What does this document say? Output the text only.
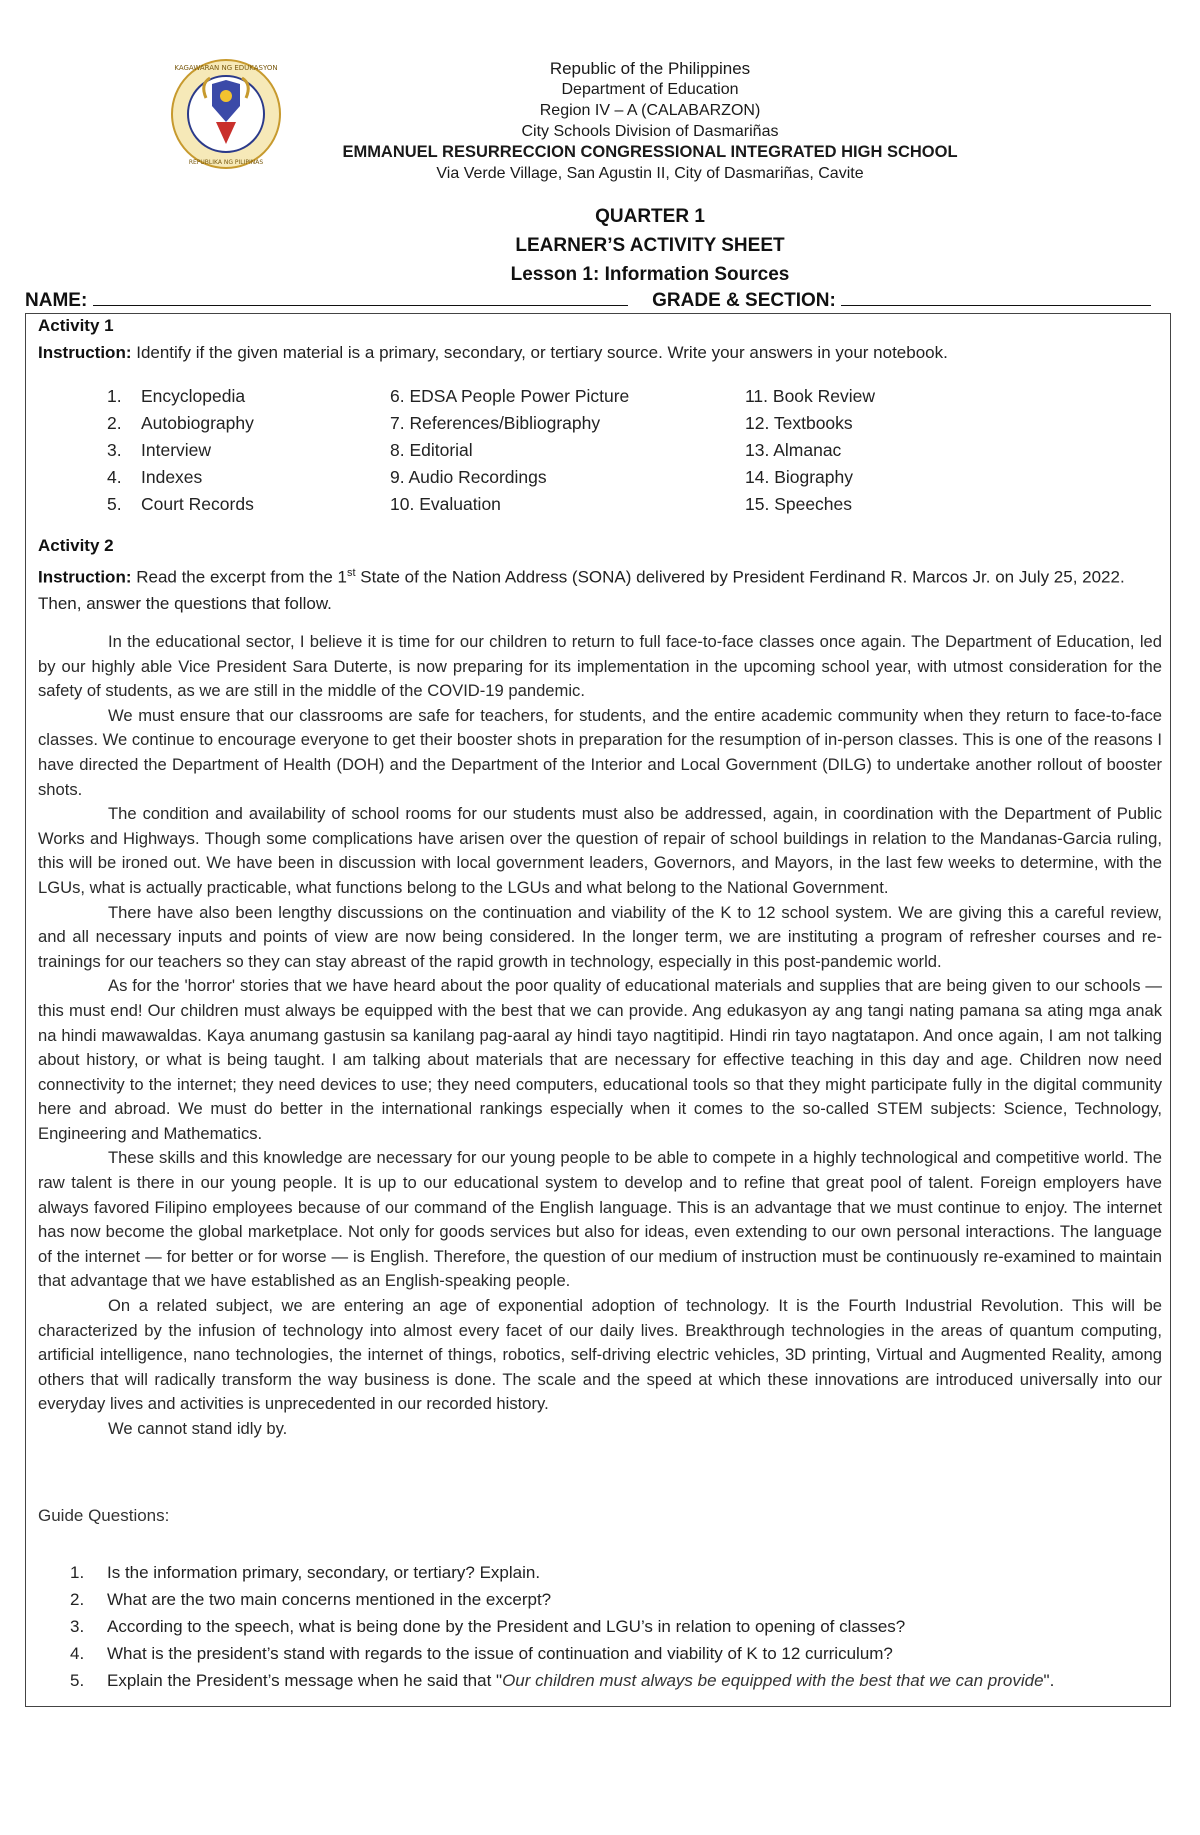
KAGAWARAN NG EDUKASYON
REPUBLIKA NG PILIPINAS
Republic of the Philippines
Department of Education
Region IV – A (CALABARZON)
City Schools Division of Dasmariñas
EMMANUEL RESURRECCION CONGRESSIONAL INTEGRATED HIGH SCHOOL
Via Verde Village, San Agustin II, City of Dasmariñas, Cavite
QUARTER 1
LEARNER’S ACTIVITY SHEET
Lesson 1: Information Sources
NAME:	GRADE & SECTION:
Activity 1
Instruction: Identify if the given material is a primary, secondary, or tertiary source. Write your answers in your notebook.
1. Encyclopedia
2. Autobiography
3. Interview
4. Indexes
5. Court Records
6. EDSA People Power Picture
7. References/Bibliography
8. Editorial
9. Audio Recordings
10. Evaluation
11. Book Review
12. Textbooks
13. Almanac
14. Biography
15. Speeches
Activity 2
Instruction: Read the excerpt from the 1st State of the Nation Address (SONA) delivered by President Ferdinand R. Marcos Jr. on July 25, 2022. Then, answer the questions that follow.

In the educational sector, I believe it is time for our children to return to full face-to-face classes once again. The Department of Education, led by our highly able Vice President Sara Duterte, is now preparing for its implementation in the upcoming school year, with utmost consideration for the safety of students, as we are still in the middle of the COVID-19 pandemic.

We must ensure that our classrooms are safe for teachers, for students, and the entire academic community when they return to face-to-face classes. We continue to encourage everyone to get their booster shots in preparation for the resumption of in-person classes. This is one of the reasons I have directed the Department of Health (DOH) and the Department of the Interior and Local Government (DILG) to undertake another rollout of booster shots.

The condition and availability of school rooms for our students must also be addressed, again, in coordination with the Department of Public Works and Highways. Though some complications have arisen over the question of repair of school buildings in relation to the Mandanas-Garcia ruling, this will be ironed out. We have been in discussion with local government leaders, Governors, and Mayors, in the last few weeks to determine, with the LGUs, what is actually practicable, what functions belong to the LGUs and what belong to the National Government.

There have also been lengthy discussions on the continuation and viability of the K to 12 school system. We are giving this a careful review, and all necessary inputs and points of view are now being considered. In the longer term, we are instituting a program of refresher courses and re-trainings for our teachers so they can stay abreast of the rapid growth in technology, especially in this post-pandemic world.

As for the 'horror' stories that we have heard about the poor quality of educational materials and supplies that are being given to our schools — this must end! Our children must always be equipped with the best that we can provide. Ang edukasyon ay ang tangi nating pamana sa ating mga anak na hindi mawawaldas. Kaya anumang gastusin sa kanilang pag-aaral ay hindi tayo nagtitipid. Hindi rin tayo nagtatapon. And once again, I am not talking about history, or what is being taught. I am talking about materials that are necessary for effective teaching in this day and age. Children now need connectivity to the internet; they need devices to use; they need computers, educational tools so that they might participate fully in the digital community here and abroad. We must do better in the international rankings especially when it comes to the so-called STEM subjects: Science, Technology, Engineering and Mathematics.

These skills and this knowledge are necessary for our young people to be able to compete in a highly technological and competitive world. The raw talent is there in our young people. It is up to our educational system to develop and to refine that great pool of talent. Foreign employers have always favored Filipino employees because of our command of the English language. This is an advantage that we must continue to enjoy. The internet has now become the global marketplace. Not only for goods services but also for ideas, even extending to our own personal interactions. The language of the internet — for better or for worse — is English. Therefore, the question of our medium of instruction must be continuously re-examined to maintain that advantage that we have established as an English-speaking people.

On a related subject, we are entering an age of exponential adoption of technology. It is the Fourth Industrial Revolution. This will be characterized by the infusion of technology into almost every facet of our daily lives. Breakthrough technologies in the areas of quantum computing, artificial intelligence, nano technologies, the internet of things, robotics, self-driving electric vehicles, 3D printing, Virtual and Augmented Reality, among others that will radically transform the way business is done. The scale and the speed at which these innovations are introduced universally into our everyday lives and activities is unprecedented in our recorded history.

We cannot stand idly by.

Guide Questions:
1. Is the information primary, secondary, or tertiary? Explain.
2. What are the two main concerns mentioned in the excerpt?
3. According to the speech, what is being done by the President and LGU’s in relation to opening of classes?
4. What is the president’s stand with regards to the issue of continuation and viability of K to 12 curriculum?
5. Explain the President’s message when he said that "Our children must always be equipped with the best that we can provide".
